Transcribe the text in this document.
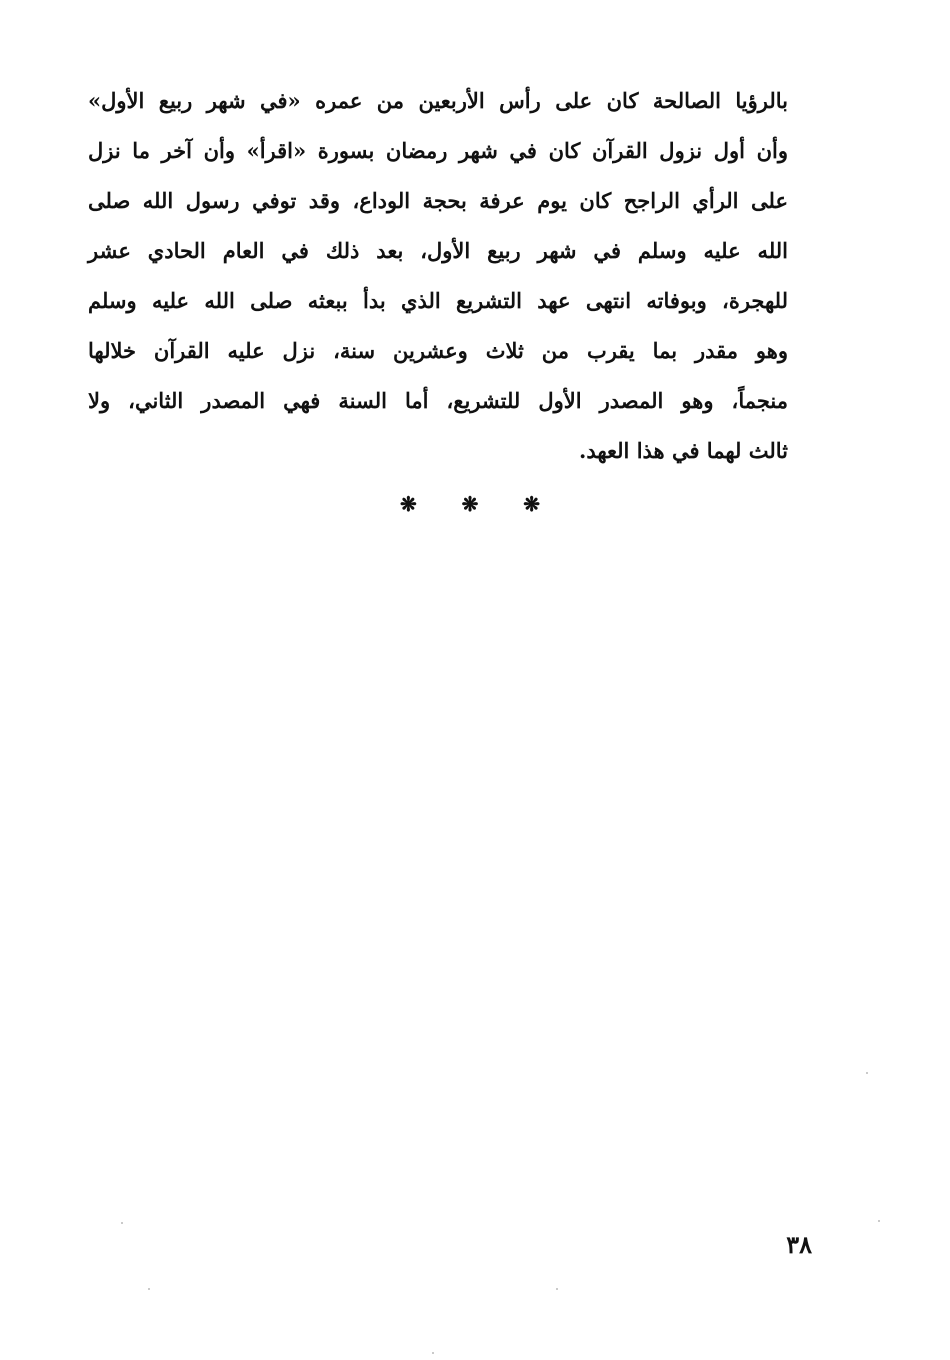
بالرؤيا الصالحة كان على رأس الأربعين من عمره «في شهر ربيع الأول»
وأن أول نزول القرآن كان في شهر رمضان بسورة «اقرأ» وأن آخر ما نزل
على الرأي الراجح كان يوم عرفة بحجة الوداع، وقد توفي رسول الله صلى
الله عليه وسلم في شهر ربيع الأول، بعد ذلك في العام الحادي عشر
للهجرة، وبوفاته انتهى عهد التشريع الذي بدأ ببعثه صلى الله عليه وسلم
وهو مقدر بما يقرب من ثلاث وعشرين سنة، نزل عليه القرآن خلالها
منجماً، وهو المصدر الأول للتشريع، أما السنة فهي المصدر الثاني، ولا
ثالث لهما في هذا العهد.
❋ ❋ ❋
٣٨
